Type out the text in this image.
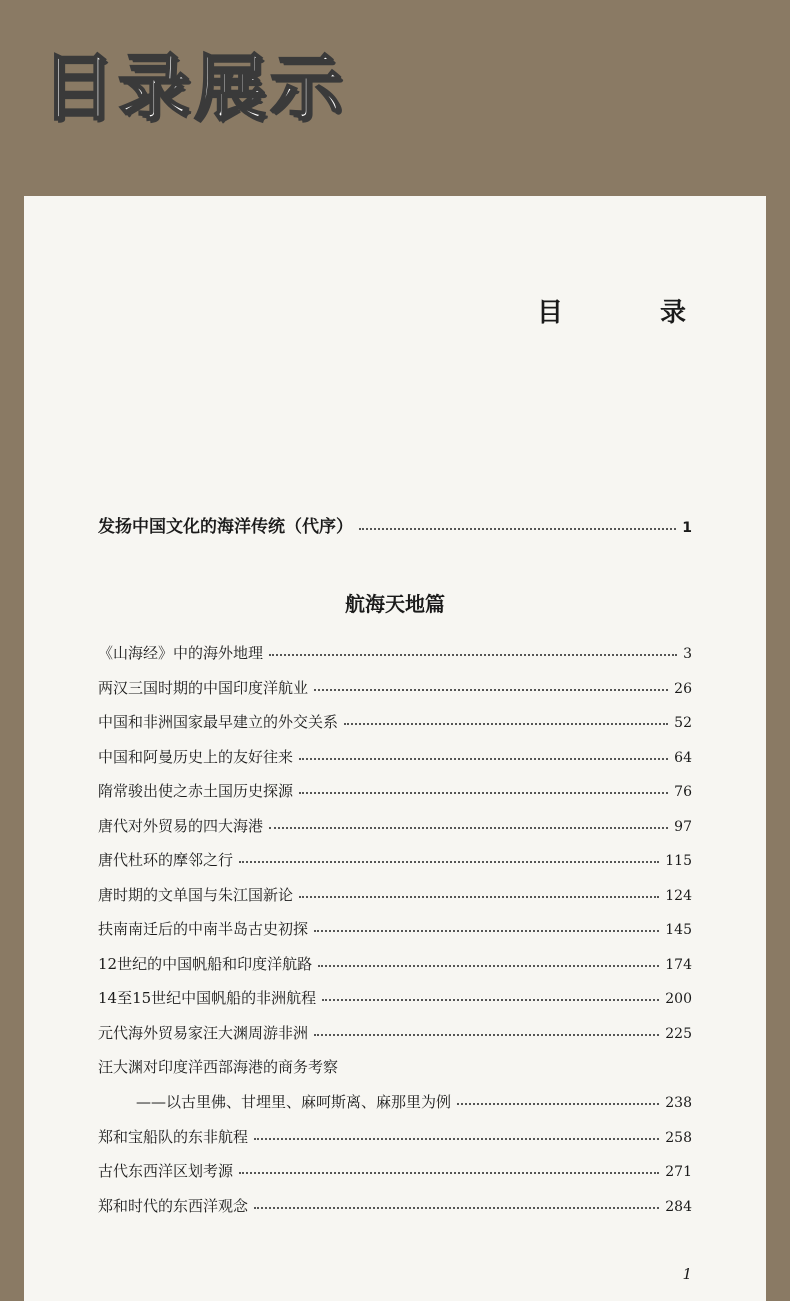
目录展示
目 录
发扬中国文化的海洋传统（代序）	1
航海天地篇
《山海经》中的海外地理	3
两汉三国时期的中国印度洋航业	26
中国和非洲国家最早建立的外交关系	52
中国和阿曼历史上的友好往来	64
隋常骏出使之赤土国历史探源	76
唐代对外贸易的四大海港	97
唐代杜环的摩邻之行	115
唐时期的文单国与朱江国新论	124
扶南南迁后的中南半岛古史初探	145
12世纪的中国帆船和印度洋航路	174
14至15世纪中国帆船的非洲航程	200
元代海外贸易家汪大渊周游非洲	225
汪大渊对印度洋西部海港的商务考察
——以古里佛、甘埋里、麻呵斯离、麻那里为例	238
郑和宝船队的东非航程	258
古代东西洋区划考源	271
郑和时代的东西洋观念	284
1
